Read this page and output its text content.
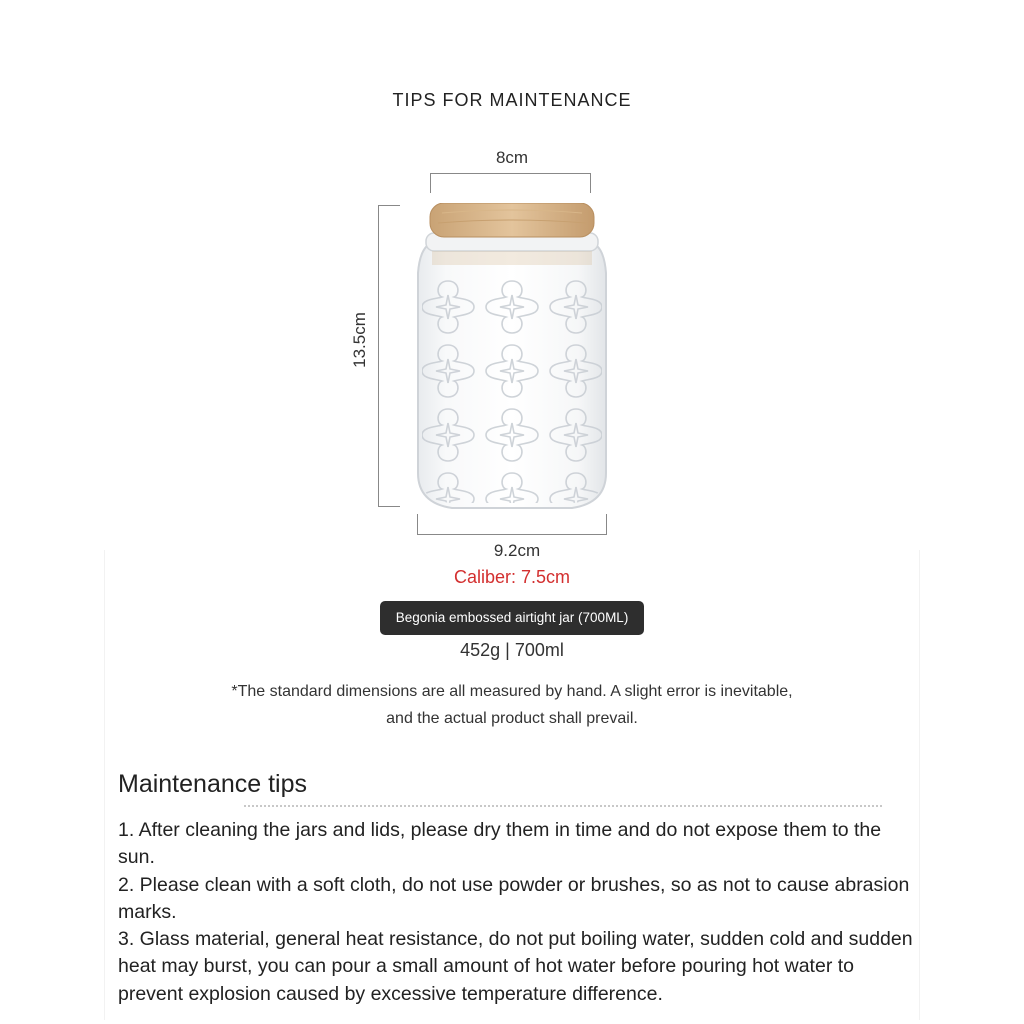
TIPS FOR MAINTENANCE
8cm
13.5cm
9.2cm
Caliber: 7.5cm
Begonia embossed airtight jar (700ML)
452g | 700ml
*The standard dimensions are all measured by hand. A slight error is inevitable,
and the actual product shall prevail.
Maintenance tips

1. After cleaning the jars and lids, please dry them in time and do not expose them to the sun.

2. Please clean with a soft cloth, do not use powder or brushes, so as not to cause abrasion marks.

3. Glass material, general heat resistance, do not put boiling water, sudden cold and sudden heat may burst, you can pour a small amount of hot water before pouring hot water to prevent explosion caused by excessive temperature difference.
